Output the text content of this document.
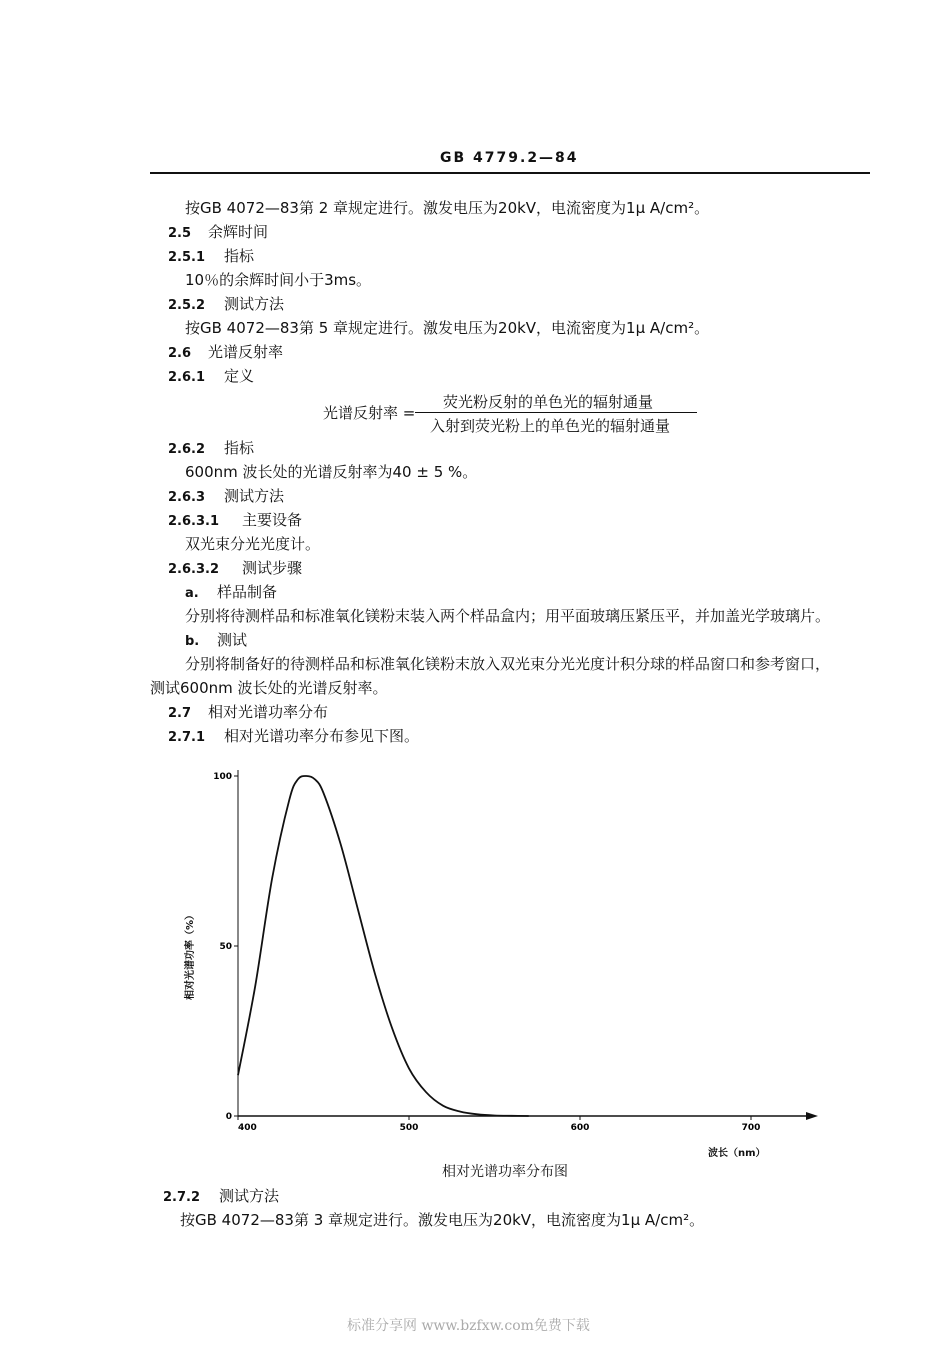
GB 4779.2—84
按GB 4072—83第 2 章规定进行。激发电压为20kV，电流密度为1μ A/cm²。
2.5 余辉时间
2.5.1 指标
10％的余辉时间小于3ms。
2.5.2 测试方法
按GB 4072—83第 5 章规定进行。激发电压为20kV，电流密度为1μ A/cm²。
2.6 光谱反射率
2.6.1 定义
光谱反射率 =
荧光粉反射的单色光的辐射通量
入射到荧光粉上的单色光的辐射通量
2.6.2 指标
600nm 波长处的光谱反射率为40 ± 5 %。
2.6.3 测试方法
2.6.3.1 主要设备
双光束分光光度计。
2.6.3.2 测试步骤
a. 样品制备
分别将待测样品和标准氧化镁粉末装入两个样品盒内；用平面玻璃压紧压平，并加盖光学玻璃片。
b. 测试
分别将制备好的待测样品和标准氧化镁粉末放入双光束分光光度计积分球的样品窗口和参考窗口，
测试600nm 波长处的光谱反射率。
2.7 相对光谱功率分布
2.7.1 相对光谱功率分布参见下图。
400	500	600	700
0
50
100
相对光谱功率（%）
波长（nm）
相对光谱功率分布图
2.7.2 测试方法
按GB 4072—83第 3 章规定进行。激发电压为20kV，电流密度为1μ A/cm²。
标准分享网 www.bzfxw.com免费下载
